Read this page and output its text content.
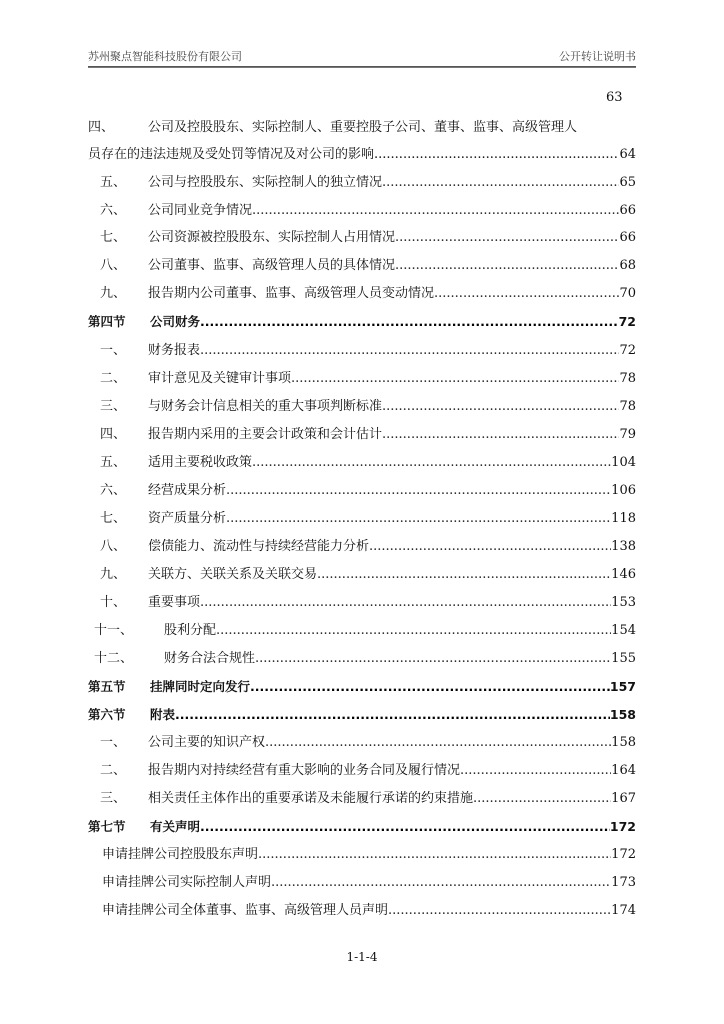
苏州聚点智能科技股份有限公司	公开转让说明书
63
四、	公司及控股股东、实际控制人、重要控股子公司、董事、监事、高级管理人
员存在的违法违规及受处罚等情况及对公司的影响 .....	64
五、 公司与控股股东、实际控制人的独立情况 .....	65
六、 公司同业竞争情况 .....	66
七、 公司资源被控股股东、实际控制人占用情况 .....	66
八、 公司董事、监事、高级管理人员的具体情况 .....	68
九、 报告期内公司董事、监事、高级管理人员变动情况 .....	70
第四节 公司财务 .....	72
一、 财务报表 .....	72
二、 审计意见及关键审计事项 .....	78
三、 与财务会计信息相关的重大事项判断标准 .....	78
四、 报告期内采用的主要会计政策和会计估计 .....	79
五、 适用主要税收政策 .....	104
六、 经营成果分析 .....	106
七、 资产质量分析 .....	118
八、 偿债能力、流动性与持续经营能力分析 .....	138
九、 关联方、关联关系及关联交易 .....	146
十、 重要事项 .....	153
十一、 股利分配 .....	154
十二、 财务合法合规性 .....	155
第五节 挂牌同时定向发行 .....	157
第六节 附表 .....	158
一、 公司主要的知识产权 .....	158
二、 报告期内对持续经营有重大影响的业务合同及履行情况 .....	164
三、 相关责任主体作出的重要承诺及未能履行承诺的约束措施 .....	167
第七节 有关声明 .....	172
申请挂牌公司控股股东声明 .....	172
申请挂牌公司实际控制人声明 .....	173
申请挂牌公司全体董事、监事、高级管理人员声明 .....	174
1-1-4
